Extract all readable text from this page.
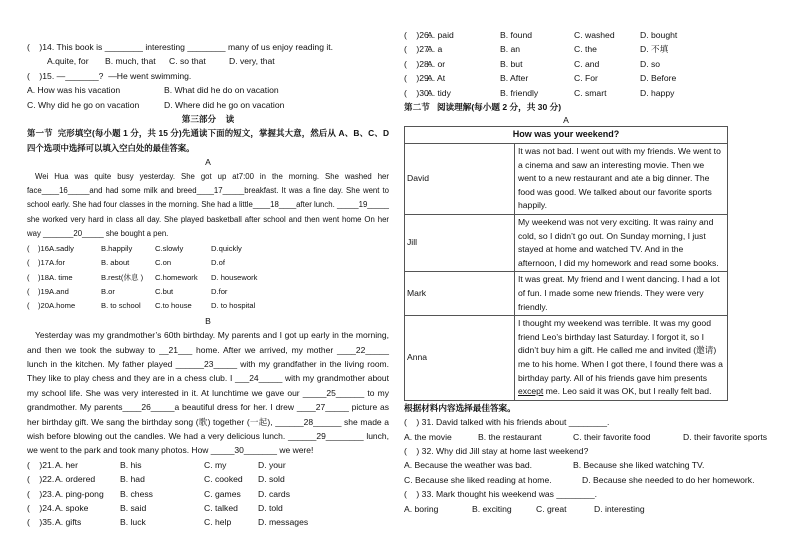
(    )14. This book is ________ interesting ________ many of us enjoy reading it.
A.quite, for	B. much, that	C. so that	D. very, that
(    )15. —_______?  —He went swimming.
A. How was his vacation	B. What did he do on vacation
C. Why did he go on vacation	D. Where did he go on vacation
第三部分    读
第一节  完形填空(每小题 1 分，共 15 分)先通读下面的短文，掌握其大意，然后从 A、B、C、D 四个选项中选择可以填入空白处的最佳答案。
A
Wei Hua was quite busy yesterday. She got up at7:00 in the morning. She washed her face____16_____and had some milk and breed____17_____breakfast. It was a fine day. She went to school early. She had four classes in the morning. She had a little____18____after lunch. _____19_____ she worked very hard in class all day. She played basketball after school and then went home On her way _______20_____ she bought a pen.
(    )16.
A.sadly	B.happily	C.slowly	D.quickly
(    )17.
A.for	B. about	C.on	D.of
(    )18.
A. time	B.rest(休息 )	C.homework	D. housework
(    )19.
A.and	B.or	C.but	D.for
(    )20.
A.home	B. to school	C.to house	D. to hospital
B
Yesterday was my grandmother’s 60th birthday. My parents and I got up early in the morning, and then we took the subway to __21___ home. After we arrived, my mother ____22_____ lunch in the kitchen. My father played ______23_____ with my grandfather in the living room. They like to play chess and they are in a chess club. I ___24_____ with my grandmother about my school life. She was very interested in it. At lunchtime we gave our _____25______ to my grandmother. My parents____26_____a beautiful dress for her. I drew ____27_____ picture as her birthday gift. We sang the birthday song (歌) together (一起), ______28______ she made a wish before blowing out the candles. We had a very delicious lunch. ______29________ lunch, we went to the park and took many photos. How _____30_______ we were!
(    )21. A. her	B. his	C. my	D. your
(    )22. A. ordered	B. had	C. cooked	D. sold
(    )23. A. ping-pong	B. chess	C. games	D. cards
(    )24. A. spoke	B. said	C. talked	D. told
(    )35. A. gifts	B. luck	C. help	D. messages
(    )26.
A. paid	B. found	C. washed	D. bought
(    )27.
A. a	B. an	C. the	D. 不填
(    )28.
A. or	B. but	C. and	D. so
(    )29.
A. At	B. After	C. For	D. Before
(    )30.
A. tidy	B. friendly	C. smart	D. happy
第二节   阅读理解(每小题 2 分，共 30 分)
A
How was your weekend?	
David	It was not bad. I went out with my friends. We went to a cinema and saw an interesting movie. Then we went to a new restaurant and ate a big dinner. The food was good. We talked about our favorite sports happily.
Jill	My weekend was not very exciting. It was rainy and cold, so I didn’t go out. On Sunday morning, I just stayed at home and watched TV. And in the afternoon, I did my homework and read some books.
Mark	It was great. My friend and I went dancing. I had a lot of fun. I made some new friends. They were very friendly.
Anna	I thought my weekend was terrible. It was my good friend Leo’s birthday last Saturday. I forgot it, so I didn’t buy him a gift. He called me and invited (邀请) me to his home. When I got there, I found there was a birthday party. All of his friends gave him presents except me. Leo said it was OK, but I really felt bad.
根据材料内容选择最佳答案。
(    ) 31. David talked with his friends about ________.
A. the movie	B. the restaurant	C. their favorite food	D. their favorite sports
(    ) 32. Why did Jill stay at home last weekend?
A. Because the weather was bad.	B. Because she liked watching TV.
C. Because she liked reading at home.	D. Because she needed to do her homework.
(    ) 33. Mark thought his weekend was ________.
A. boring	B. exciting	C. great	D. interesting
